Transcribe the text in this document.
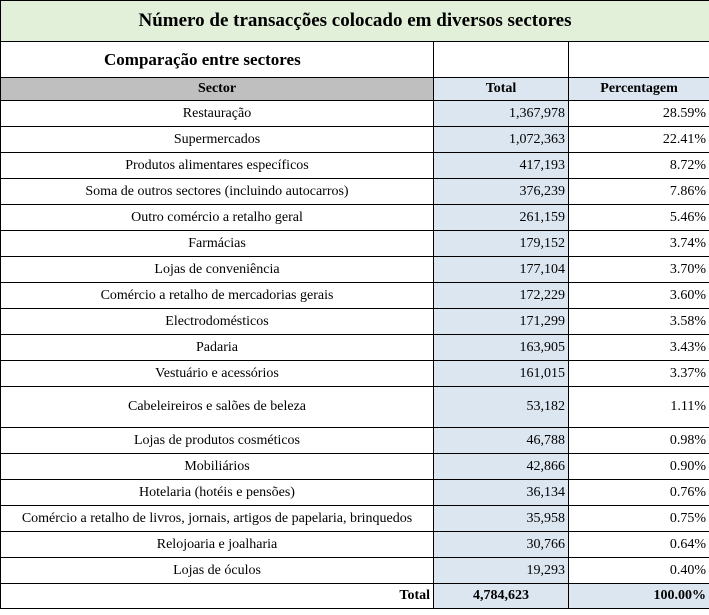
Número de transacções colocado em diversos sectores		
Comparação entre sectores		
Sector	Total	Percentagem
Restauração	1,367,978	28.59%
Supermercados	1,072,363	22.41%
Produtos alimentares específicos	417,193	8.72%
Soma de outros sectores (incluindo autocarros)	376,239	7.86%
Outro comércio a retalho geral	261,159	5.46%
Farmácias	179,152	3.74%
Lojas de conveniência	177,104	3.70%
Comércio a retalho de mercadorias gerais	172,229	3.60%
Electrodomésticos	171,299	3.58%
Padaria	163,905	3.43%
Vestuário e acessórios	161,015	3.37%
Cabeleireiros e salões de beleza	53,182	1.11%
Lojas de produtos cosméticos	46,788	0.98%
Mobiliários	42,866	0.90%
Hotelaria (hotéis e pensões)	36,134	0.76%
Comércio a retalho de livros, jornais, artigos de papelaria, brinquedos	35,958	0.75%
Relojoaria e joalharia	30,766	0.64%
Lojas de óculos	19,293	0.40%
Total	4,784,623	100.00%
